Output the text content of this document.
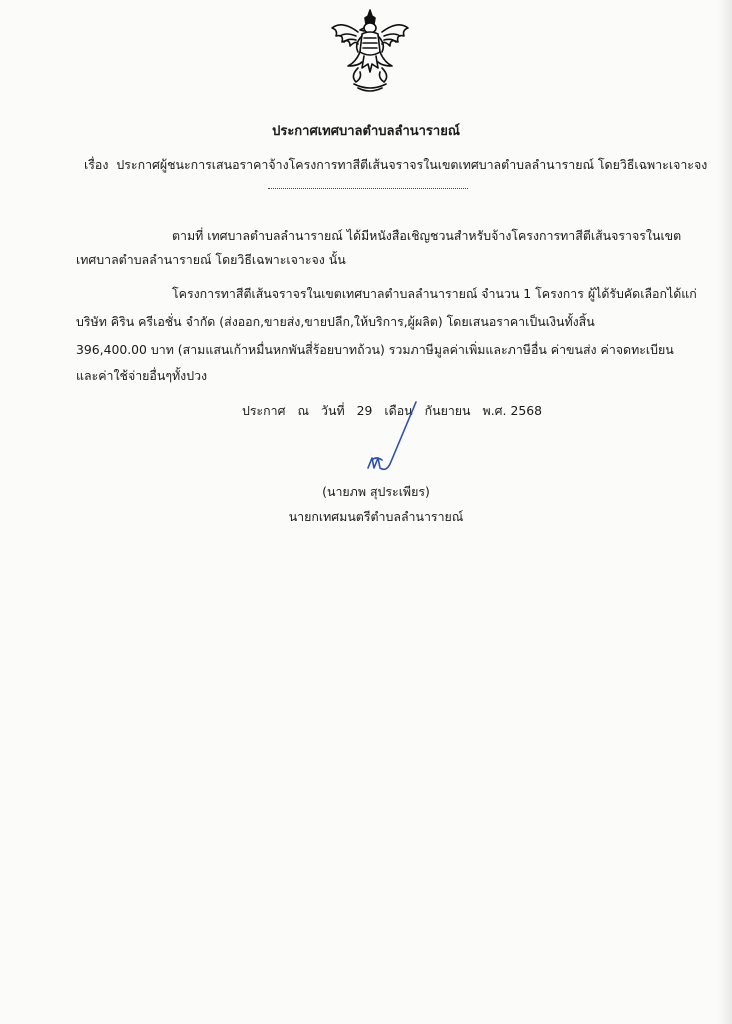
ประกาศเทศบาลตำบลลำนารายณ์
เรื่อง ประกาศผู้ชนะการเสนอราคาจ้างโครงการทาสีตีเส้นจราจรในเขตเทศบาลตำบลลำนารายณ์ โดยวิธีเฉพาะเจาะจง
ตามที่ เทศบาลตำบลลำนารายณ์ ได้มีหนังสือเชิญชวนสำหรับจ้างโครงการทาสีตีเส้นจราจรในเขต
เทศบาลตำบลลำนารายณ์ โดยวิธีเฉพาะเจาะจง นั้น
โครงการทาสีตีเส้นจราจรในเขตเทศบาลตำบลลำนารายณ์ จำนวน 1 โครงการ ผู้ได้รับคัดเลือกได้แก่
บริษัท คิริน ครีเอชั่น จำกัด (ส่งออก,ขายส่ง,ขายปลีก,ให้บริการ,ผู้ผลิต) โดยเสนอราคาเป็นเงินทั้งสิ้น
396,400.00 บาท (สามแสนเก้าหมื่นหกพันสี่ร้อยบาทถ้วน) รวมภาษีมูลค่าเพิ่มและภาษีอื่น ค่าขนส่ง ค่าจดทะเบียน
และค่าใช้จ่ายอื่นๆทั้งปวง
ประกาศ ณ วันที่ 29 เดือน กันยายน พ.ศ. 2568
(นายภพ สุประเพียร)
นายกเทศมนตรีตำบลลำนารายณ์
